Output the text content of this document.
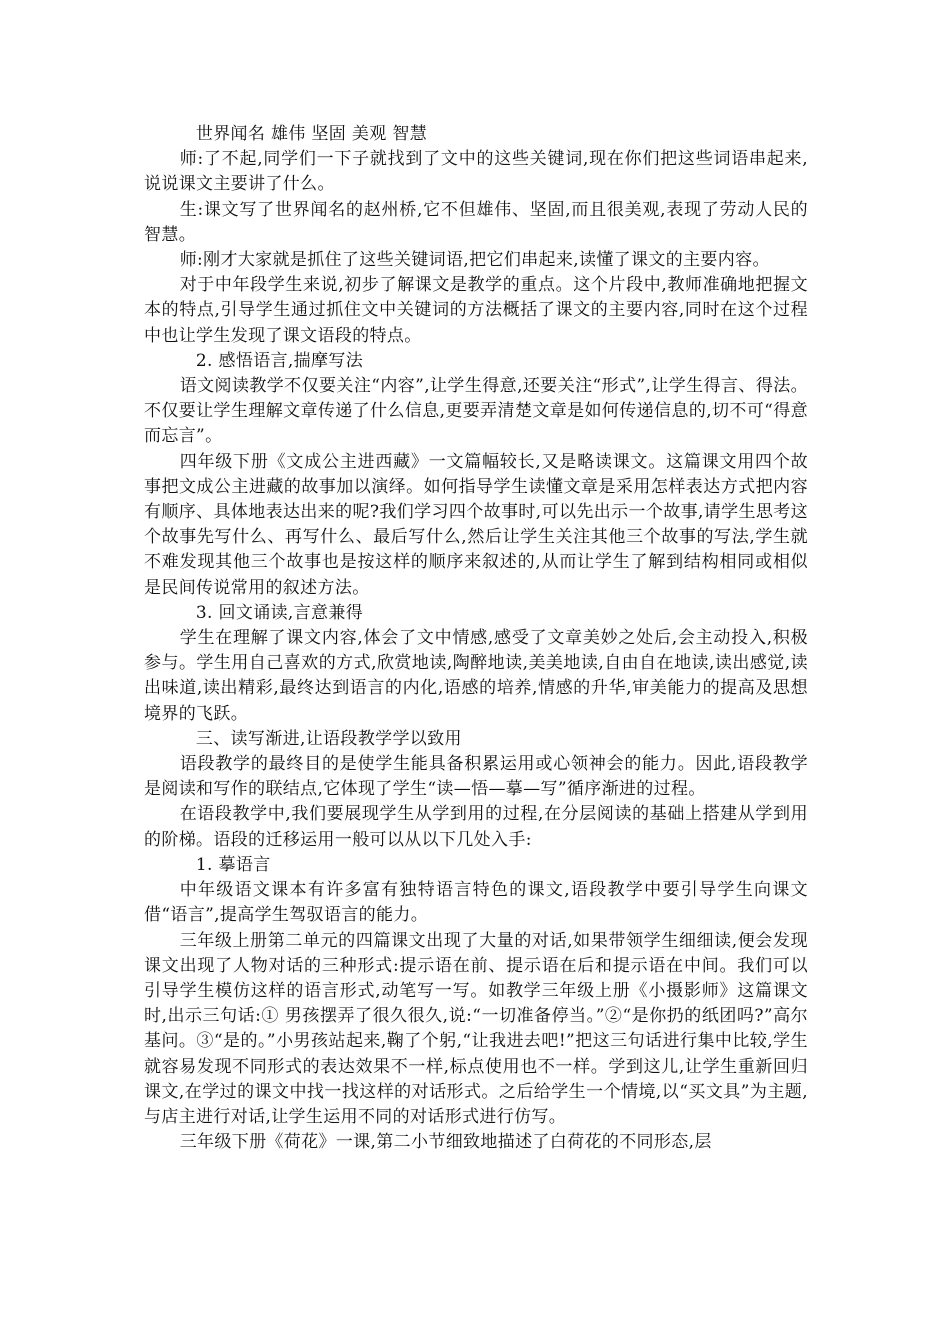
世界闻名 雄伟 坚固 美观 智慧

师:了不起,同学们一下子就找到了文中的这些关键词,现在你们把这些词语串起来,说说课文主要讲了什么。

生:课文写了世界闻名的赵州桥,它不但雄伟、坚固,而且很美观,表现了劳动人民的智慧。

师:刚才大家就是抓住了这些关键词语,把它们串起来,读懂了课文的主要内容。

对于中年段学生来说,初步了解课文是教学的重点。这个片段中,教师准确地把握文本的特点,引导学生通过抓住文中关键词的方法概括了课文的主要内容,同时在这个过程中也让学生发现了课文语段的特点。

2. 感悟语言,揣摩写法

语文阅读教学不仅要关注“内容”,让学生得意,还要关注“形式”,让学生得言、得法。不仅要让学生理解文章传递了什么信息,更要弄清楚文章是如何传递信息的,切不可“得意而忘言”。

四年级下册《文成公主进西藏》一文篇幅较长,又是略读课文。这篇课文用四个故事把文成公主进藏的故事加以演绎。如何指导学生读懂文章是采用怎样表达方式把内容有顺序、具体地表达出来的呢?我们学习四个故事时,可以先出示一个故事,请学生思考这个故事先写什么、再写什么、最后写什么,然后让学生关注其他三个故事的写法,学生就不难发现其他三个故事也是按这样的顺序来叙述的,从而让学生了解到结构相同或相似是民间传说常用的叙述方法。

3. 回文诵读,言意兼得

学生在理解了课文内容,体会了文中情感,感受了文章美妙之处后,会主动投入,积极参与。学生用自己喜欢的方式,欣赏地读,陶醉地读,美美地读,自由自在地读,读出感觉,读出味道,读出精彩,最终达到语言的内化,语感的培养,情感的升华,审美能力的提高及思想境界的飞跃。

三、读写渐进,让语段教学学以致用

语段教学的最终目的是使学生能具备积累运用或心领神会的能力。因此,语段教学是阅读和写作的联结点,它体现了学生“读—悟—摹—写”循序渐进的过程。

在语段教学中,我们要展现学生从学到用的过程,在分层阅读的基础上搭建从学到用的阶梯。语段的迁移运用一般可以从以下几处入手:

1. 摹语言

中年级语文课本有许多富有独特语言特色的课文,语段教学中要引导学生向课文借“语言”,提高学生驾驭语言的能力。

三年级上册第二单元的四篇课文出现了大量的对话,如果带领学生细细读,便会发现课文出现了人物对话的三种形式:提示语在前、提示语在后和提示语在中间。我们可以引导学生模仿这样的语言形式,动笔写一写。如教学三年级上册《小摄影师》这篇课文时,出示三句话:① 男孩摆弄了很久很久,说:“一切准备停当。”②“是你扔的纸团吗?”高尔基问。③“是的。”小男孩站起来,鞠了个躬,“让我进去吧!”把这三句话进行集中比较,学生就容易发现不同形式的表达效果不一样,标点使用也不一样。学到这儿,让学生重新回归课文,在学过的课文中找一找这样的对话形式。之后给学生一个情境,以“买文具”为主题,与店主进行对话,让学生运用不同的对话形式进行仿写。

三年级下册《荷花》一课,第二小节细致地描述了白荷花的不同形态,层
